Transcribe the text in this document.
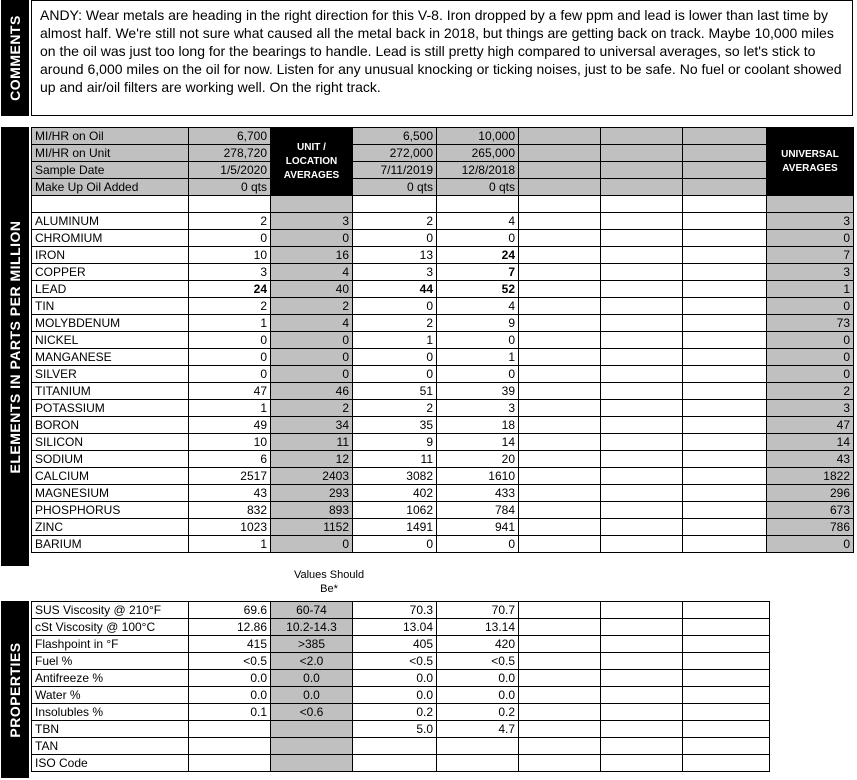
COMMENTS
ANDY: Wear metals are heading in the right direction for this V-8. Iron dropped by a few ppm and lead is lower than last time by almost half. We're still not sure what caused all the metal back in 2018, but things are getting back on track. Maybe 10,000 miles on the oil was just too long for the bearings to handle. Lead is still pretty high compared to universal averages, so let's stick to around 6,000 miles on the oil for now. Listen for any unusual knocking or ticking noises, just to be safe. No fuel or coolant showed up and air/oil filters are working well. On the right track.
ELEMENTS IN PARTS PER MILLION
MI/HR on Oil	6,700	UNIT / LOCATION AVERAGES	6,500	10,000				UNIVERSAL AVERAGES
MI/HR on Unit	278,720		272,000	265,000				
Sample Date	1/5/2020		7/11/2019	12/8/2018				
Make Up Oil Added	0 qts		0 qts	0 qts				

ALUMINUM	2	3	2	4				3
CHROMIUM	0	0	0	0				0
IRON	10	16	13	24				7
COPPER	3	4	3	7				3
LEAD	24	40	44	52				1
TIN	2	2	0	4				0
MOLYBDENUM	1	4	2	9				73
NICKEL	0	0	1	0				0
MANGANESE	0	0	0	1				0
SILVER	0	0	0	0				0
TITANIUM	47	46	51	39				2
POTASSIUM	1	2	2	3				3
BORON	49	34	35	18				47
SILICON	10	11	9	14				14
SODIUM	6	12	11	20				43
CALCIUM	2517	2403	3082	1610				1822
MAGNESIUM	43	293	402	433				296
PHOSPHORUS	832	893	1062	784				673
ZINC	1023	1152	1491	941				786
BARIUM	1	0	0	0				0
Values Should Be*
PROPERTIES
SUS Viscosity @ 210°F	69.6	60-74	70.3	70.7			
cSt Viscosity @ 100°C	12.86	10.2-14.3	13.04	13.14			
Flashpoint in °F	415	>385	405	420			
Fuel %	<0.5	<2.0	<0.5	<0.5			
Antifreeze %	0.0	0.0	0.0	0.0			
Water %	0.0	0.0	0.0	0.0			
Insolubles %	0.1	<0.6	0.2	0.2			
TBN			5.0	4.7			
TAN							
ISO Code							
